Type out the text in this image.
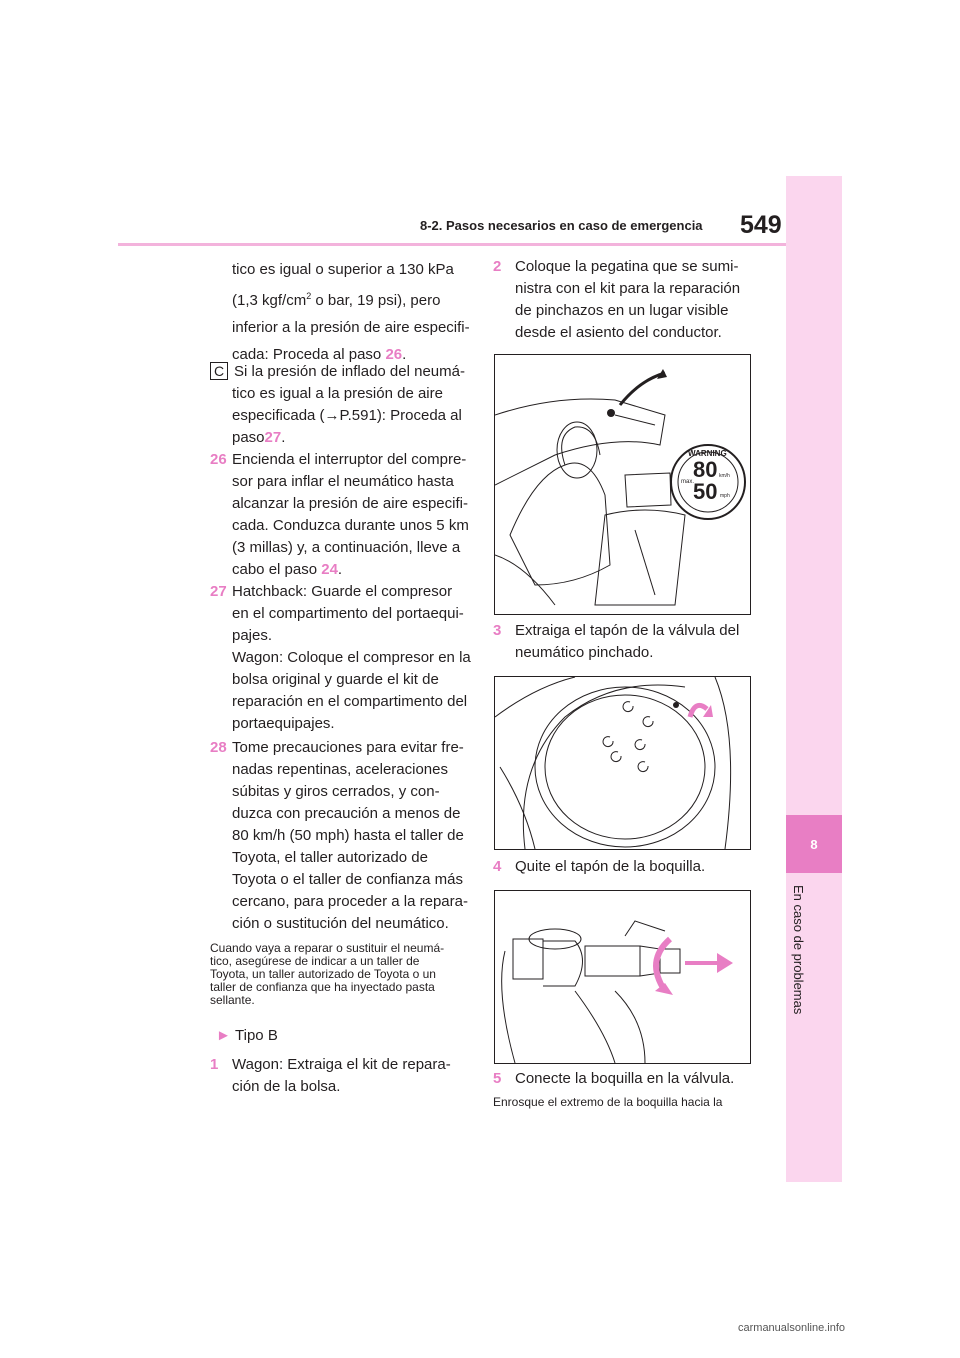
8-2. Pasos necesarios en caso de emergencia 549
8
En caso de problemas

tico es igual o superior a 130 kPa

(1,3 kgf/$cm^2$ o bar, 19 psi), pero

inferior a la presión de aire especifi-

cada: Proceda al paso 26.

C Si la presión de inflado del neumá-

tico es igual a la presión de aire

especificada (→P.591): Proceda al

paso27.

26 Encienda el interruptor del compre-

sor para inflar el neumático hasta

alcanzar la presión de aire especifi-

cada. Conduzca durante unos 5 km

(3 millas) y, a continuación, lleve a

cabo el paso 24.

27 Hatchback: Guarde el compresor

en el compartimento del portaequi-

pajes.

Wagon: Coloque el compresor en la

bolsa original y guarde el kit de

reparación en el compartimento del

portaequipajes.

28 Tome precauciones para evitar fre-

nadas repentinas, aceleraciones

súbitas y giros cerrados, y con-

duzca con precaución a menos de

80 km/h (50 mph) hasta el taller de

Toyota, el taller autorizado de

Toyota o el taller de confianza más

cercano, para proceder a la repara-

ción o sustitución del neumático.

Cuando vaya a reparar o sustituir el neumá-

tico, asegúrese de indicar a un taller de

Toyota, un taller autorizado de Toyota o un

taller de confianza que ha inyectado pasta

sellante.

► Tipo B

1 Wagon: Extraiga el kit de repara-

ción de la bolsa.

2 Coloque la pegatina que se sumi-

nistra con el kit para la reparación

de pinchazos en un lugar visible

desde el asiento del conductor.

WARNING
80
50
max.
km/h
mph

3 Extraiga el tapón de la válvula del

neumático pinchado.

4 Quite el tapón de la boquilla.

5 Conecte la boquilla en la válvula.

Enrosque el extremo de la boquilla hacia la
carmanualsonline.info
